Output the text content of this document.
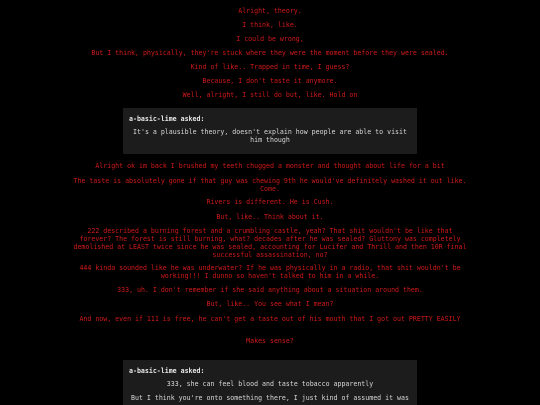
Alright, theory.

I think, like.

I could be wrong,

But I think, physically, they're stuck where they were the moment before they were sealed.

Kind of like.. Trapped in time, I guess?

Because, I don't taste it anymore.

Well, alright, I still do but, like. Hold on

a-basic-lime asked:

It's a plausible theory, doesn't explain how people are able to visit him though

Alright ok im back I brushed my teeth chugged a monster and thought about life for a bit

The taste is absolutely gone if that guy was chewing 9th he would've definitely washed it out like. Come.

Rivers is different. He is Cush.

But, like.. Think about it.

222 described a burning forest and a crumbling castle, yeah? That shit wouldn't be like that forever? The forest is still burning, what? decades after he was sealed? Gluttony was completely demolished at LEAST twice since he was sealed, accounting for Lucifer and Thrill and then 10R final successful assassination, no?

444 kinda sounded like he was underwater? If he was physically in a radio, that shit wouldn't be working!!! I dunno so haven't talked to him in a while.

333, uh. I don't remember if she said anything about a situation around them.

But, like.. You see what I mean?

And now, even if 111 is free, he can't get a taste out of his mouth that I got out PRETTY EASILY

Makes sense?

a-basic-lime asked:

333, she can feel blood and taste tobacco apparently

But I think you're onto something there, I just kind of assumed it was
